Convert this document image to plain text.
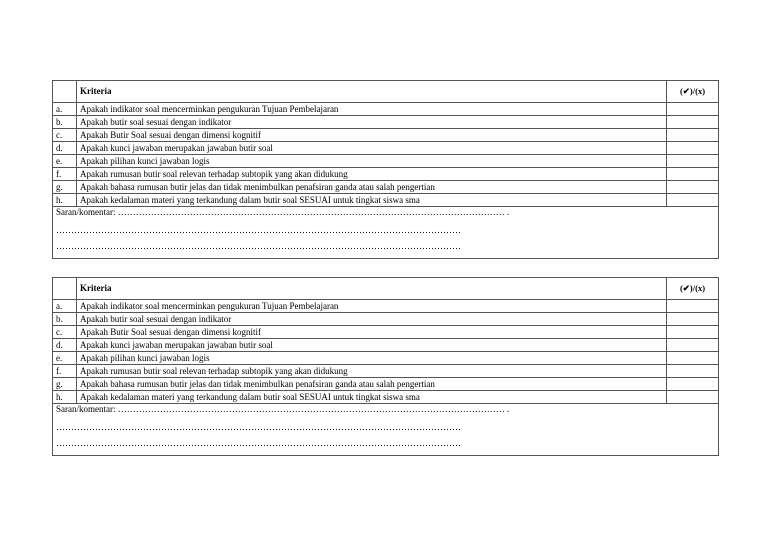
	Kriteria	(✔)/(x)
a.	Apakah indikator soal mencerminkan pengukuran Tujuan Pembelajaran	
b.	Apakah butir soal sesuai dengan indikator	
c.	Apakah Butir Soal sesuai dengan dimensi kognitif	
d.	Apakah kunci jawaban merupakan jawaban butir soal	
e.	Apakah pilihan kunci jawaban logis	
f.	Apakah rumusan butir soal relevan terhadap subtopik yang akan didukung	
g.	Apakah bahasa rumusan butir jelas dan tidak menimbulkan penafsiran ganda atau salah pengertian	
h.	Apakah kedalaman materi yang terkandung dalam butir soal SESUAI untuk tingkat siswa sma	

Saran/komentar: ………………………………………………………………………………………………………………… .
………………………………………………………………………………………………………………………
………………………………………………………………………………………………………………………		
	Kriteria	(✔)/(x)
a.	Apakah indikator soal mencerminkan pengukuran Tujuan Pembelajaran	
b.	Apakah butir soal sesuai dengan indikator	
c.	Apakah Butir Soal sesuai dengan dimensi kognitif	
d.	Apakah kunci jawaban merupakan jawaban butir soal	
e.	Apakah pilihan kunci jawaban logis	
f.	Apakah rumusan butir soal relevan terhadap subtopik yang akan didukung	
g.	Apakah bahasa rumusan butir jelas dan tidak menimbulkan penafsiran ganda atau salah pengertian	
h.	Apakah kedalaman materi yang terkandung dalam butir soal SESUAI untuk tingkat siswa sma	

Saran/komentar: ………………………………………………………………………………………………………………… .
………………………………………………………………………………………………………………………
………………………………………………………………………………………………………………………		
